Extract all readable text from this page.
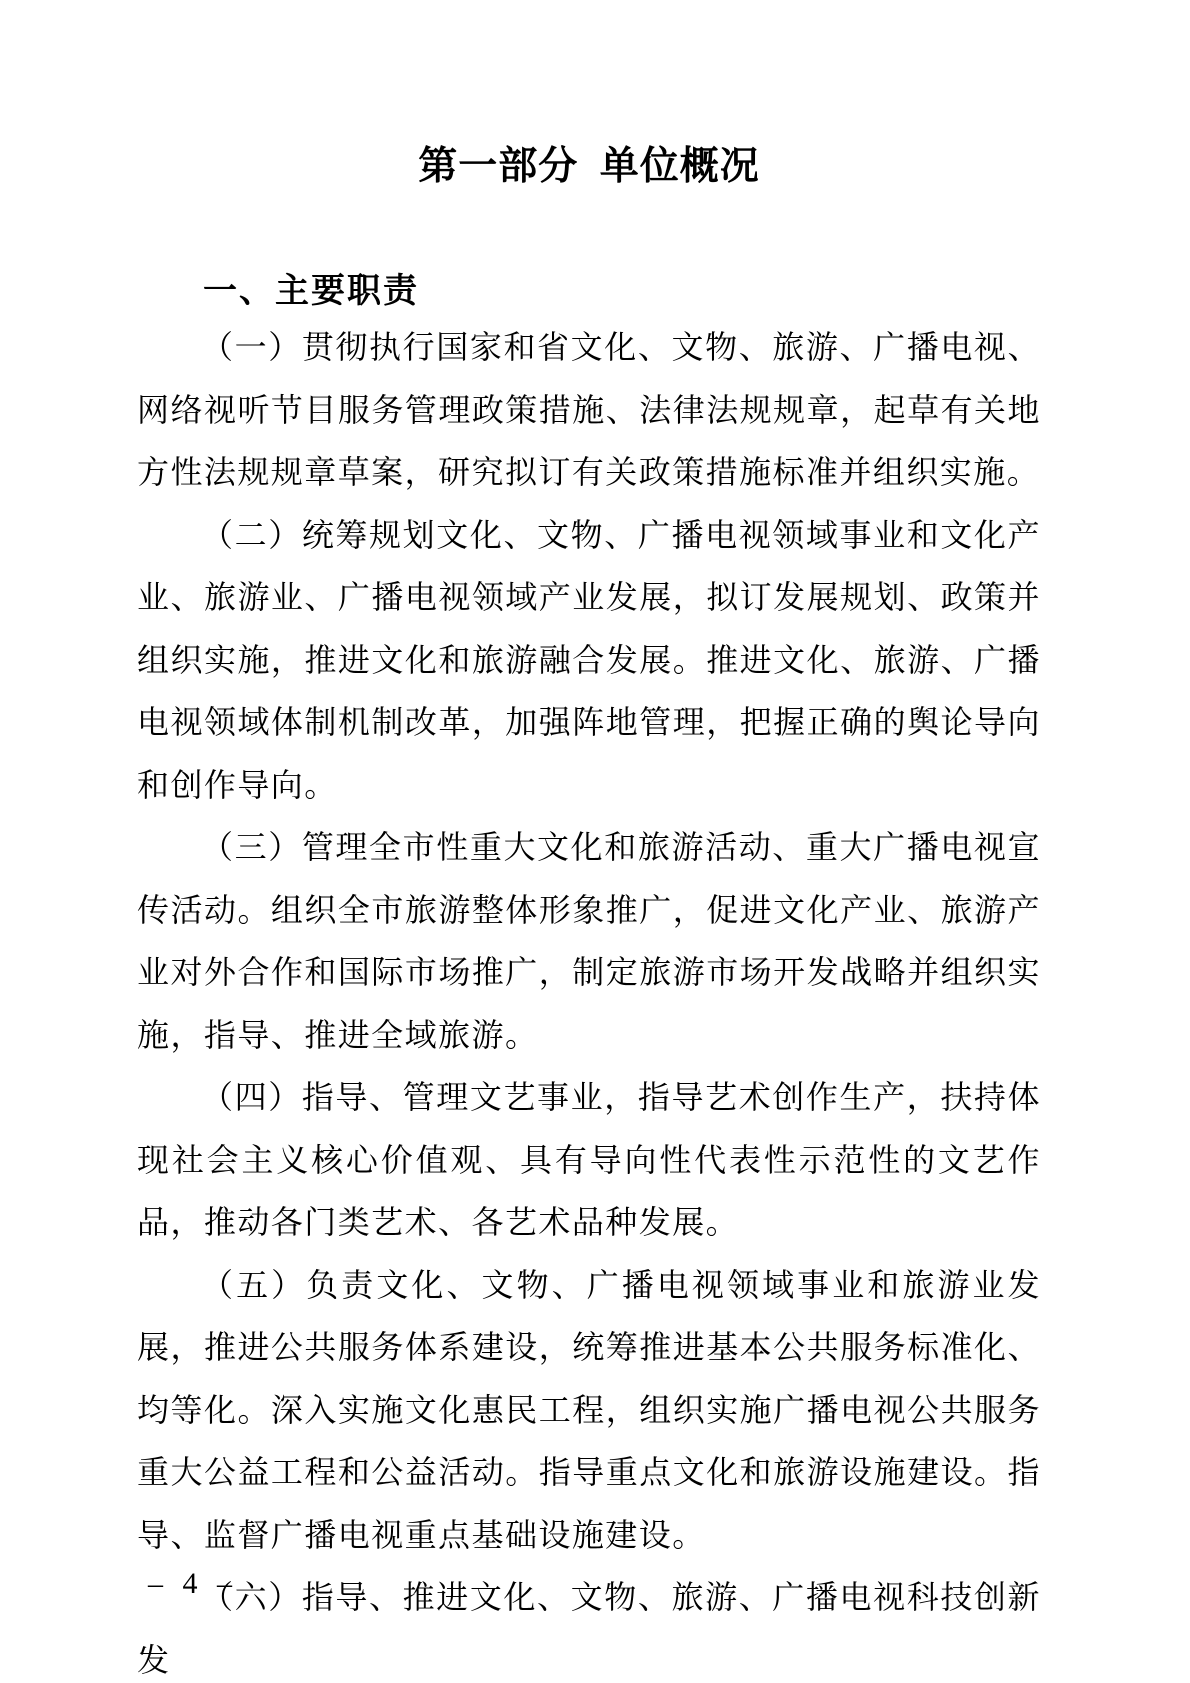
第一部分  单位概况
一、主要职责

（一）贯彻执行国家和省文化、文物、旅游、广播电视、网络视听节目服务管理政策措施、法律法规规章，起草有关地方性法规规章草案，研究拟订有关政策措施标准并组织实施。

（二）统筹规划文化、文物、广播电视领域事业和文化产业、旅游业、广播电视领域产业发展，拟订发展规划、政策并组织实施，推进文化和旅游融合发展。推进文化、旅游、广播电视领域体制机制改革，加强阵地管理，把握正确的舆论导向和创作导向。

（三）管理全市性重大文化和旅游活动、重大广播电视宣传活动。组织全市旅游整体形象推广，促进文化产业、旅游产业对外合作和国际市场推广，制定旅游市场开发战略并组织实施，指导、推进全域旅游。

（四）指导、管理文艺事业，指导艺术创作生产，扶持体现社会主义核心价值观、具有导向性代表性示范性的文艺作品，推动各门类艺术、各艺术品种发展。

（五）负责文化、文物、广播电视领域事业和旅游业发展，推进公共服务体系建设，统筹推进基本公共服务标准化、均等化。深入实施文化惠民工程，组织实施广播电视公共服务重大公益工程和公益活动。指导重点文化和旅游设施建设。指导、监督广播电视重点基础设施建设。

（六）指导、推进文化、文物、旅游、广播电视科技创新发

– 4 –
